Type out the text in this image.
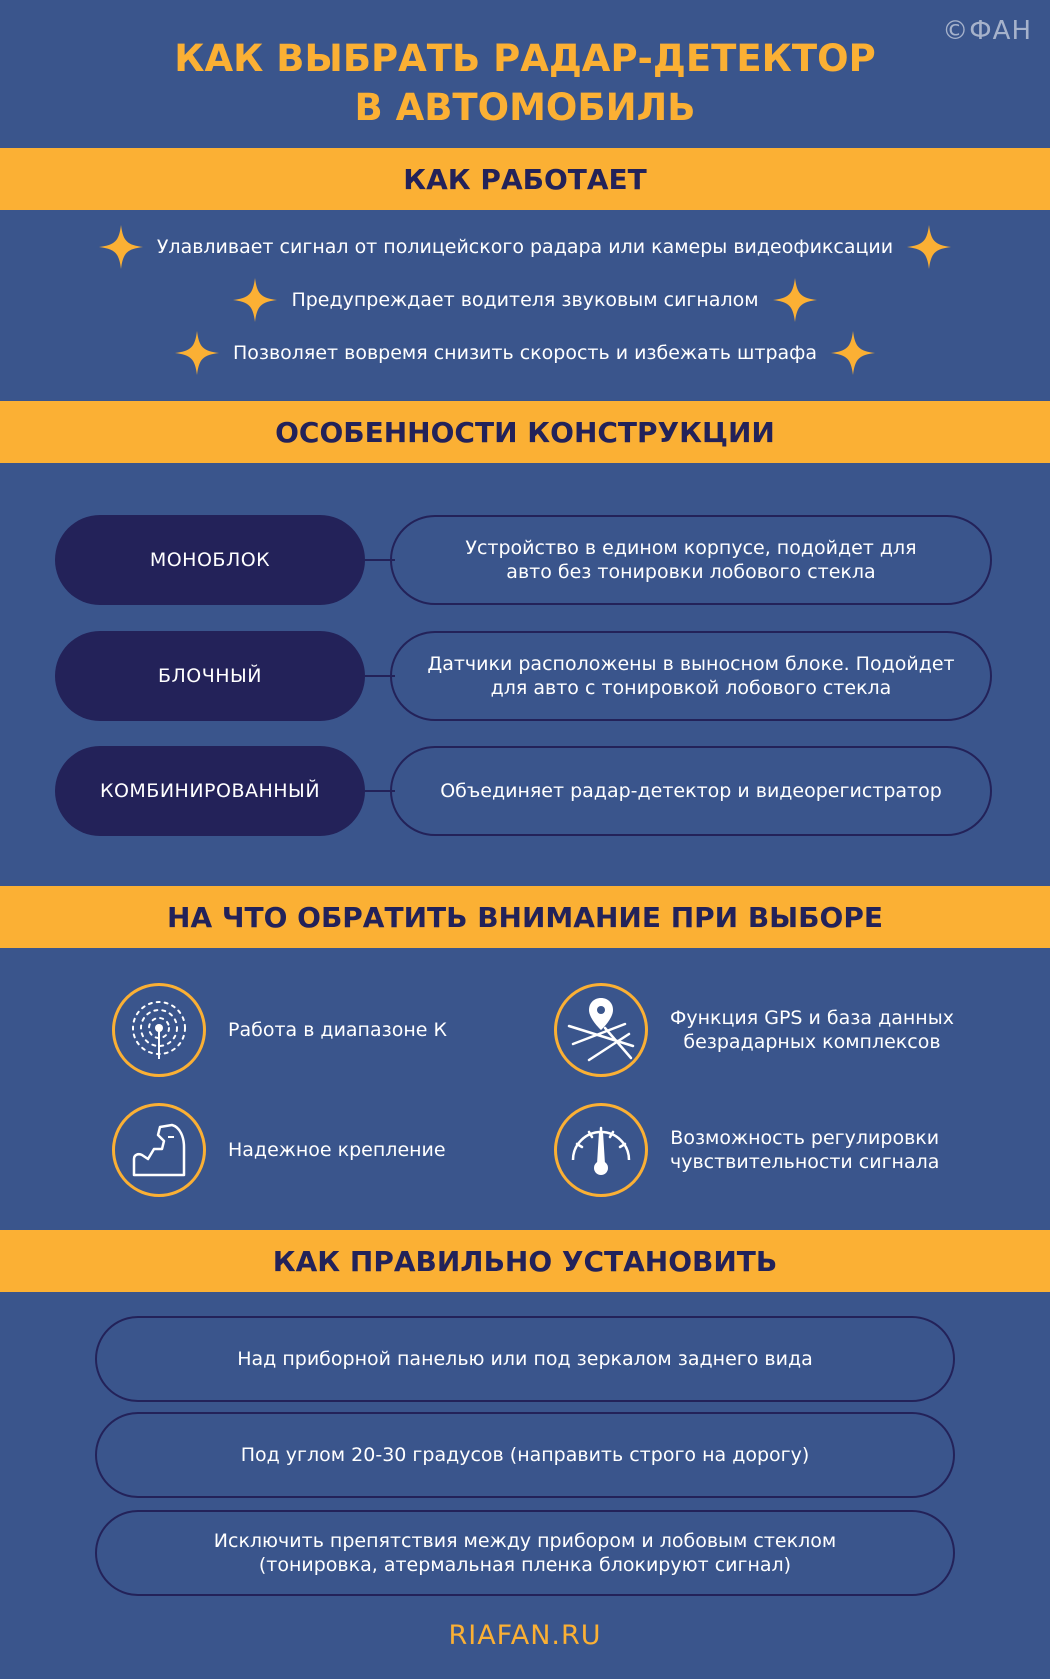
©ФАН
КАК ВЫБРАТЬ РАДАР-ДЕТЕКТОР
В АВТОМОБИЛЬ
КАК РАБОТАЕТ
Улавливает сигнал от полицейского радара или камеры видеофиксации
Предупреждает водителя звуковым сигналом
Позволяет вовремя снизить скорость и избежать штрафа
ОСОБЕННОСТИ КОНСТРУКЦИИ
МОНОБЛОК
Устройство в едином корпусе, подойдет для
авто без тонировки лобового стекла
БЛОЧНЫЙ
Датчики расположены в выносном блоке. Подойдет
для авто с тонировкой лобового стекла
КОМБИНИРОВАННЫЙ	Объединяет радар-детектор и видеорегистратор
НА ЧТО ОБРАТИТЬ ВНИМАНИЕ ПРИ ВЫБОРЕ
Работа в диапазоне К
Функция GPS и база данных
безрадарных комплексов
Надежное крепление
Возможность регулировки
чувствительности сигнала
КАК ПРАВИЛЬНО УСТАНОВИТЬ
Над приборной панелью или под зеркалом заднего вида
Под углом 20-30 градусов (направить строго на дорогу)
Исключить препятствия между прибором и лобовым стеклом
(тонировка, атермальная пленка блокируют сигнал)
RIAFAN.RU
